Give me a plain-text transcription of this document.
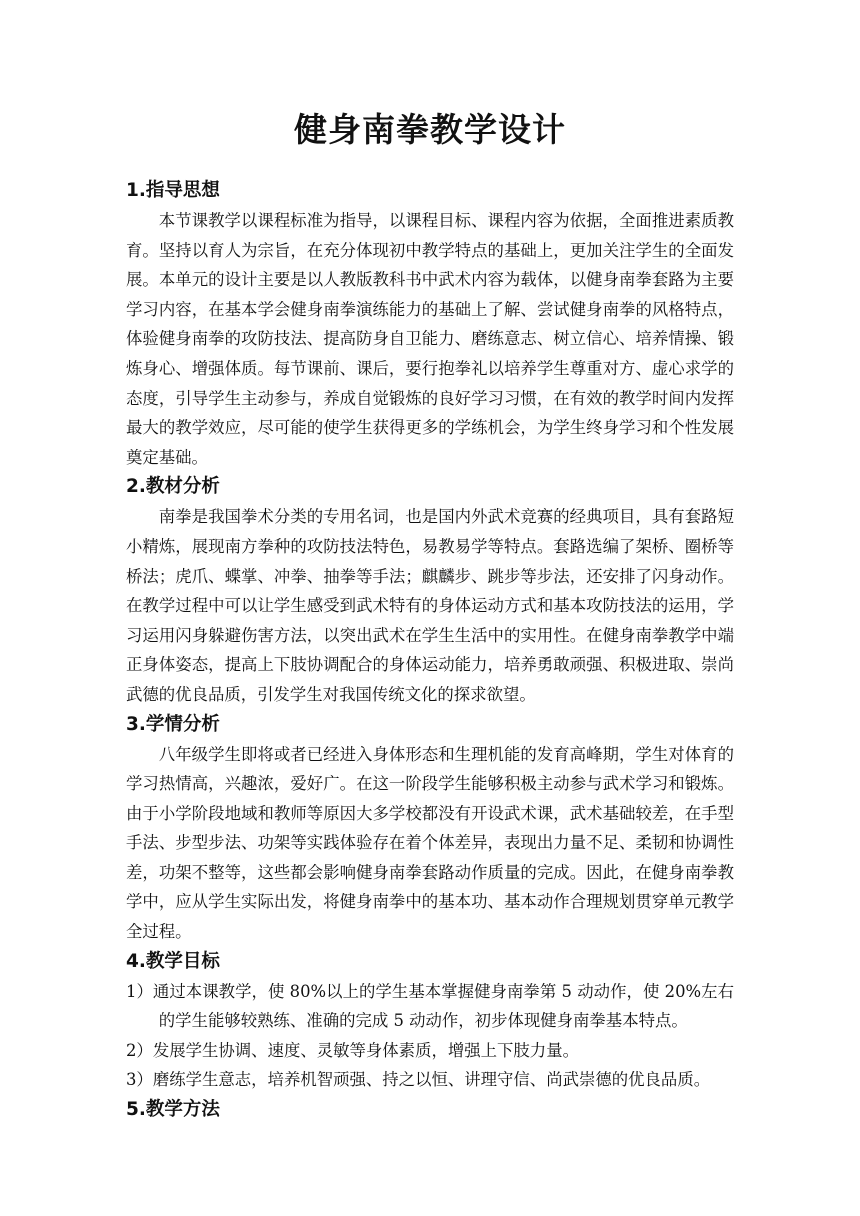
健身南拳教学设计
1.指导思想

本节课教学以课程标准为指导，以课程目标、课程内容为依据，全面推进素质教育。坚持以育人为宗旨，在充分体现初中教学特点的基础上，更加关注学生的全面发展。本单元的设计主要是以人教版教科书中武术内容为载体，以健身南拳套路为主要学习内容，在基本学会健身南拳演练能力的基础上了解、尝试健身南拳的风格特点，体验健身南拳的攻防技法、提高防身自卫能力、磨练意志、树立信心、培养情操、锻炼身心、增强体质。每节课前、课后，要行抱拳礼以培养学生尊重对方、虚心求学的态度，引导学生主动参与，养成自觉锻炼的良好学习习惯，在有效的教学时间内发挥最大的教学效应，尽可能的使学生获得更多的学练机会，为学生终身学习和个性发展奠定基础。

2.教材分析

南拳是我国拳术分类的专用名词，也是国内外武术竞赛的经典项目，具有套路短小精炼，展现南方拳种的攻防技法特色，易教易学等特点。套路选编了架桥、圈桥等桥法；虎爪、蝶掌、冲拳、抽拳等手法；麒麟步、跳步等步法，还安排了闪身动作。在教学过程中可以让学生感受到武术特有的身体运动方式和基本攻防技法的运用，学习运用闪身躲避伤害方法，以突出武术在学生生活中的实用性。在健身南拳教学中端正身体姿态，提高上下肢协调配合的身体运动能力，培养勇敢顽强、积极进取、崇尚武德的优良品质，引发学生对我国传统文化的探求欲望。

3.学情分析

八年级学生即将或者已经进入身体形态和生理机能的发育高峰期，学生对体育的学习热情高，兴趣浓，爱好广。在这一阶段学生能够积极主动参与武术学习和锻炼。由于小学阶段地域和教师等原因大多学校都没有开设武术课，武术基础较差，在手型手法、步型步法、功架等实践体验存在着个体差异，表现出力量不足、柔韧和协调性差，功架不整等，这些都会影响健身南拳套路动作质量的完成。因此，在健身南拳教学中，应从学生实际出发，将健身南拳中的基本功、基本动作合理规划贯穿单元教学全过程。

4.教学目标

1）通过本课教学，使 80%以上的学生基本掌握健身南拳第 5 动动作，使 20%左右的学生能够较熟练、准确的完成 5 动动作，初步体现健身南拳基本特点。

2）发展学生协调、速度、灵敏等身体素质，增强上下肢力量。

3）磨练学生意志，培养机智顽强、持之以恒、讲理守信、尚武崇德的优良品质。

5.教学方法
